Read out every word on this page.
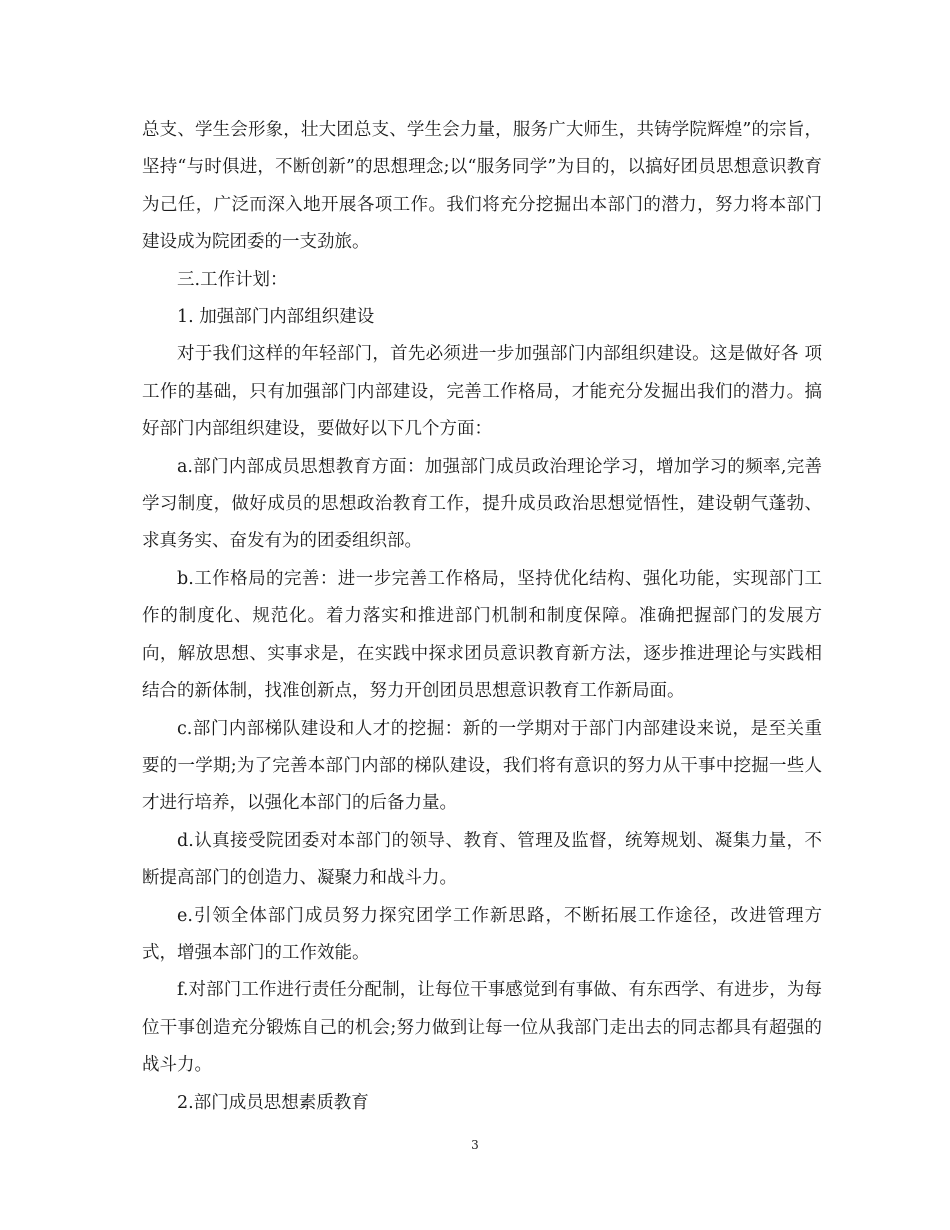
总支、学生会形象，壮大团总支、学生会力量，服务广大师生，共铸学院辉煌”的宗旨，坚持“与时俱进，不断创新”的思想理念;以“服务同学”为目的，以搞好团员思想意识教育为己任，广泛而深入地开展各项工作。我们将充分挖掘出本部门的潜力，努力将本部门建设成为院团委的一支劲旅。

三.工作计划：

1. 加强部门内部组织建设

对于我们这样的年轻部门，首先必须进一步加强部门内部组织建设。这是做好各 项工作的基础，只有加强部门内部建设，完善工作格局，才能充分发掘出我们的潜力。搞好部门内部组织建设，要做好以下几个方面：

a.部门内部成员思想教育方面：加强部门成员政治理论学习，增加学习的频率,完善学习制度，做好成员的思想政治教育工作，提升成员政治思想觉悟性，建设朝气蓬勃、求真务实、奋发有为的团委组织部。

b.工作格局的完善：进一步完善工作格局，坚持优化结构、强化功能，实现部门工作的制度化、规范化。着力落实和推进部门机制和制度保障。准确把握部门的发展方向，解放思想、实事求是，在实践中探求团员意识教育新方法，逐步推进理论与实践相结合的新体制，找准创新点，努力开创团员思想意识教育工作新局面。

c.部门内部梯队建设和人才的挖掘：新的一学期对于部门内部建设来说，是至关重要的一学期;为了完善本部门内部的梯队建设，我们将有意识的努力从干事中挖掘一些人才进行培养，以强化本部门的后备力量。

d.认真接受院团委对本部门的领导、教育、管理及监督，统筹规划、凝集力量，不断提高部门的创造力、凝聚力和战斗力。

e.引领全体部门成员努力探究团学工作新思路，不断拓展工作途径，改进管理方式，增强本部门的工作效能。

f.对部门工作进行责任分配制，让每位干事感觉到有事做、有东西学、有进步，为每位干事创造充分锻炼自己的机会;努力做到让每一位从我部门走出去的同志都具有超强的战斗力。

2.部门成员思想素质教育

3
